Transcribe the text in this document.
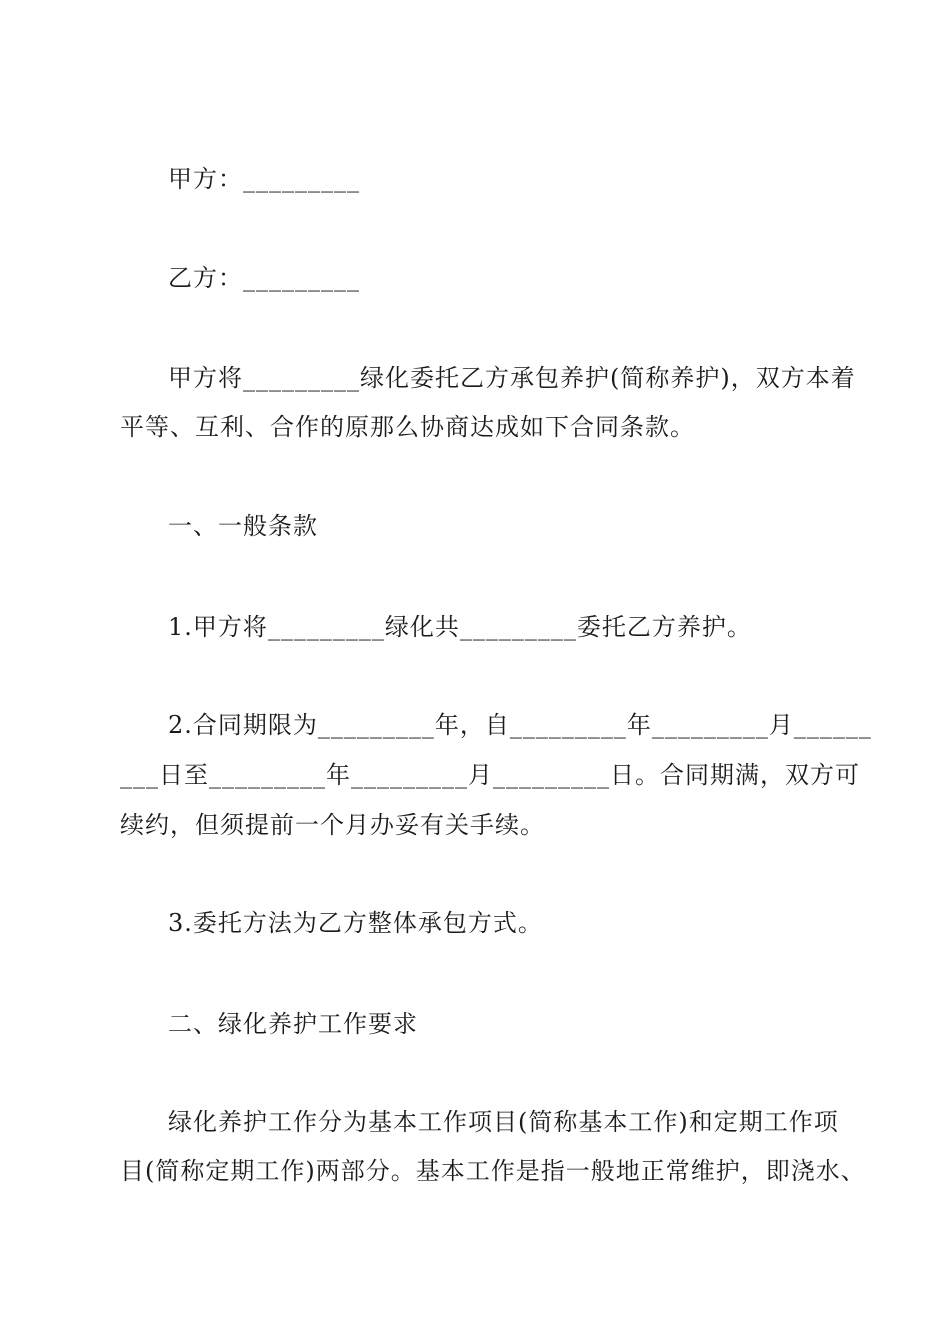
甲方：_________
乙方：_________
甲方将_________绿化委托乙方承包养护(简称养护)，双方本着
平等、互利、合作的原那么协商达成如下合同条款。
一、一般条款
1.甲方将_________绿化共_________委托乙方养护。
2.合同期限为_________年，自_________年_________月______
___日至_________年_________月_________日。合同期满，双方可
续约，但须提前一个月办妥有关手续。
3.委托方法为乙方整体承包方式。
二、绿化养护工作要求
绿化养护工作分为基本工作项目(简称基本工作)和定期工作项
目(简称定期工作)两部分。基本工作是指一般地正常维护，即浇水、
